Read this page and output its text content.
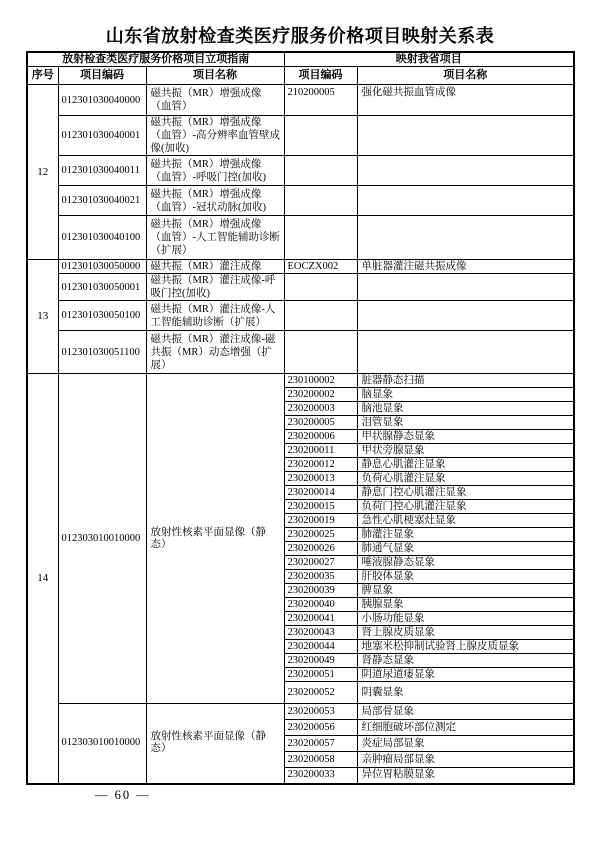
山东省放射检查类医疗服务价格项目映射关系表
放射检查类医疗服务价格项目立项指南			映射我省项目	
序号	项目编码	项目名称	项目编码	项目名称
12	012301030040000	磁共振（MR）增强成像（血管）	210200005	强化磁共振血管成像
	012301030040001	磁共振（MR）增强成像（血管）-高分辨率血管壁成像(加收)		
	012301030040011	磁共振（MR）增强成像（血管）-呼吸门控(加收)		
	012301030040021	磁共振（MR）增强成像（血管）-冠状动脉(加收)		
	012301030040100	磁共振（MR）增强成像（血管）-人工智能辅助诊断（扩展）		
13	012301030050000	磁共振（MR）灌注成像	EOCZX002	单脏器灌注磁共振成像
	012301030050001	磁共振（MR）灌注成像-呼吸门控(加收)		
	012301030050100	磁共振（MR）灌注成像-人工智能辅助诊断（扩展）		
	012301030051100	磁共振（MR）灌注成像-磁共振（MR）动态增强（扩展）		
14	012303010010000	放射性核素平面显像（静态）	230100002	脏器静态扫描
			230200002	脑显象
			230200003	脑池显象
			230200005	泪管显象
			230200006	甲状腺静态显象
			230200011	甲状旁腺显象
			230200012	静息心肌灌注显象
			230200013	负荷心肌灌注显象
			230200014	静息门控心肌灌注显象
			230200015	负荷门控心肌灌注显象
			230200019	急性心肌梗塞灶显象
			230200025	肺灌注显象
			230200026	肺通气显象
			230200027	唾液腺静态显象
			230200035	肝胶体显象
			230200039	脾显象
			230200040	胰腺显象
			230200041	小肠功能显象
			230200043	肾上腺皮质显象
			230200044	地塞米松抑制试验肾上腺皮质显象
			230200049	肾静态显象
			230200051	阴道尿道瘘显象
			230200052	阴囊显象
	012303010010000	放射性核素平面显像（静态）	230200053	局部骨显象
			230200056	红细胞破坏部位测定
			230200057	炎症局部显象
			230200058	亲肿瘤局部显象
			230200033	异位胃粘膜显象
— 60 —
